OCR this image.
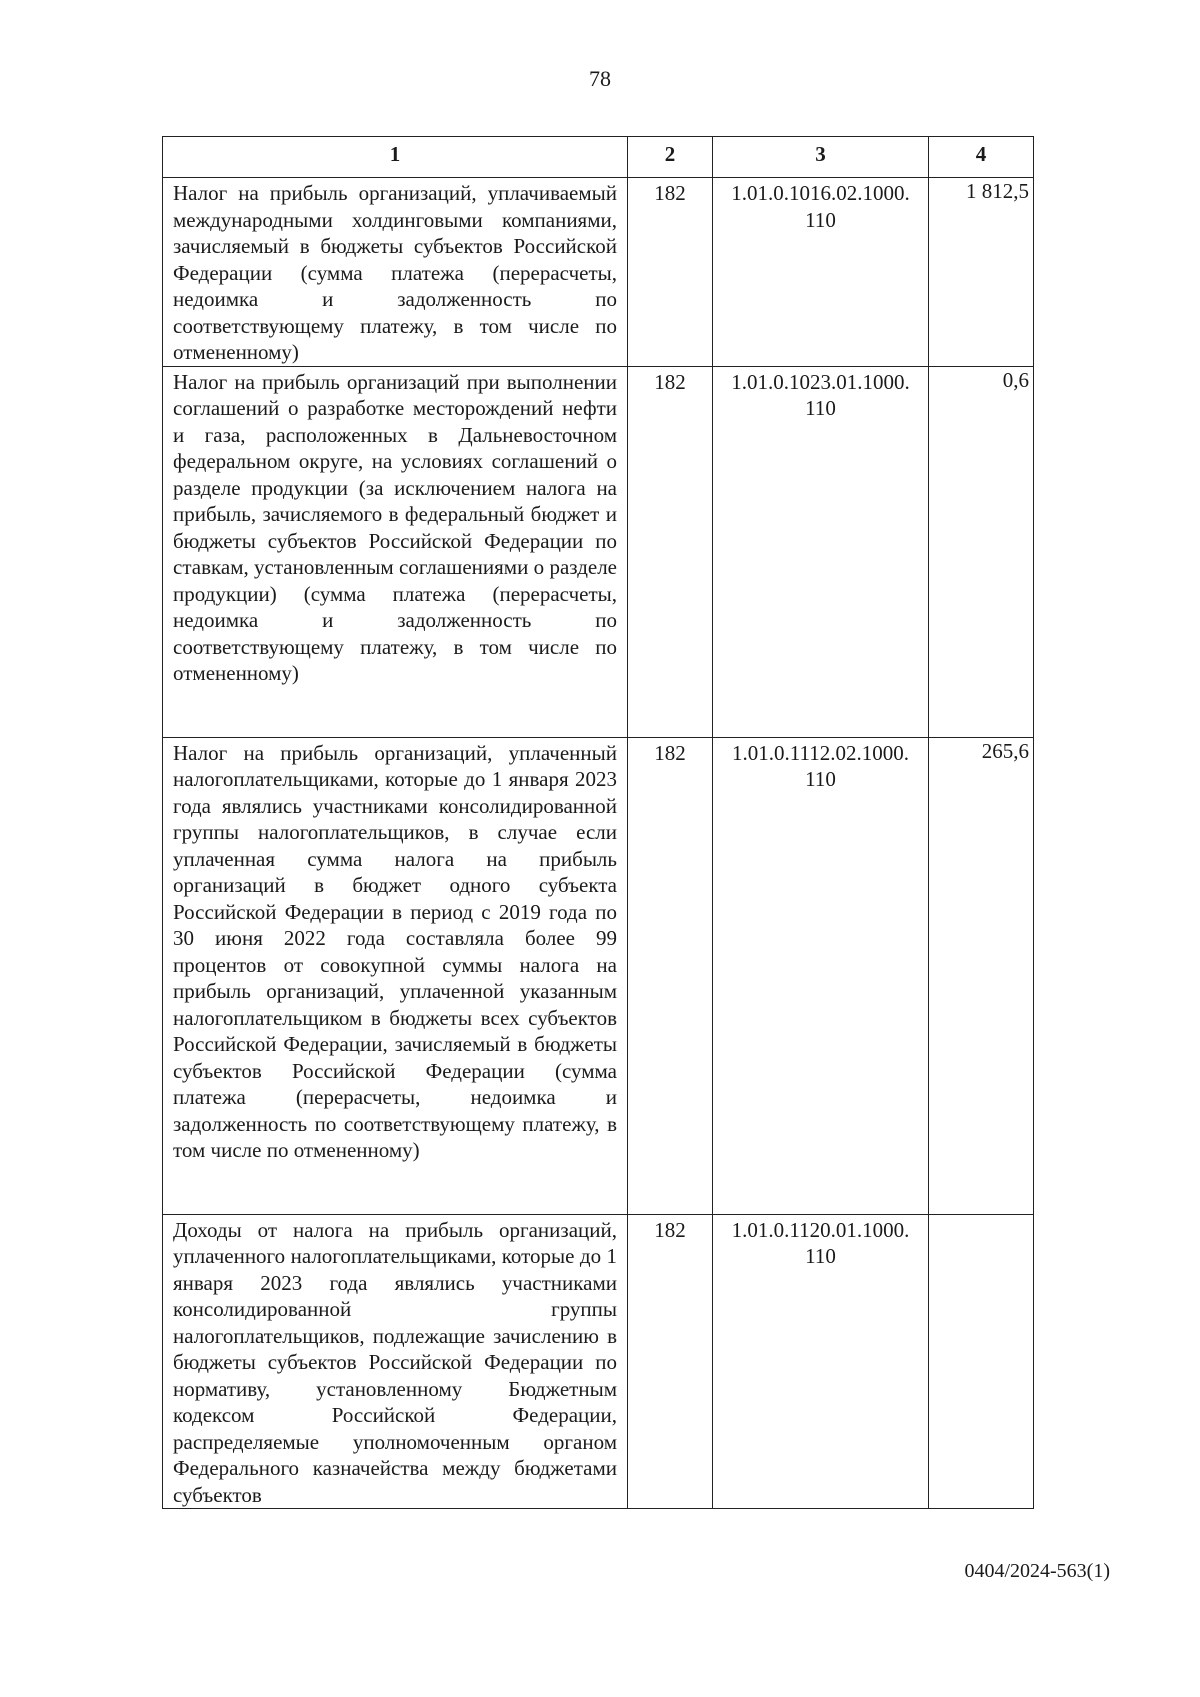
78
1	2	3	4
Налог на прибыль организаций, уплачиваемый международными холдинговыми компаниями, зачисляемый в бюджеты субъектов Российской Федерации (сумма платежа (перерасчеты, недоимка и задолженность по соответствующему платежу, в том числе по отмененному)	182	1.01.0.1016.02.1000. 110	1 812,5
Налог на прибыль организаций при выполнении соглашений о разработке месторождений нефти и газа, расположенных в Дальневосточном федеральном округе, на условиях соглашений о разделе продукции (за исключением налога на прибыль, зачисляемого в федеральный бюджет и бюджеты субъектов Российской Федерации по ставкам, установленным соглашениями о разделе продукции) (сумма платежа (перерасчеты, недоимка и задолженность по соответствующему платежу, в том числе по отмененному)	182	1.01.0.1023.01.1000. 110	0,6
Налог на прибыль организаций, уплаченный налогоплательщиками, которые до 1 января 2023 года являлись участниками консолидированной группы налогоплательщиков, в случае если уплаченная сумма налога на прибыль организаций в бюджет одного субъекта Российской Федерации в период с 2019 года по 30 июня 2022 года составляла более 99 процентов от совокупной суммы налога на прибыль организаций, уплаченной указанным налогоплательщиком в бюджеты всех субъектов Российской Федерации, зачисляемый в бюджеты субъектов Российской Федерации (сумма платежа (перерасчеты, недоимка и задолженность по соответствующему платежу, в том числе по отмененному)	182	1.01.0.1112.02.1000. 110	265,6
Доходы от налога на прибыль организаций, уплаченного налогоплательщиками, которые до 1 января 2023 года являлись участниками консолидированной группы налогоплательщиков, подлежащие зачислению в бюджеты субъектов Российской Федерации по нормативу, установленному Бюджетным кодексом Российской Федерации, распределяемые уполномоченным органом Федерального казначейства между бюджетами субъектов	182	1.01.0.1120.01.1000. 110	
0404/2024-563(1)
